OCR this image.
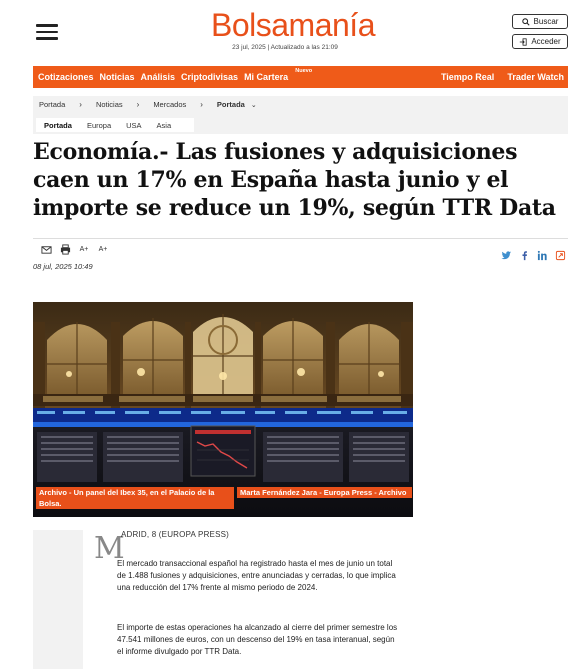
Bolsamanía
23 jul, 2025 | Actualizado a las 21:09
Buscar
Acceder
Cotizaciones Noticias Análisis Criptodivisas Mi Cartera
Nuevo
Tiempo Real Trader Watch
Portada › Noticias › Mercados › Portada ⌄
Portada Europa USA Asia
Economía.- Las fusiones y adquisiciones caen un 17% en España hasta junio y el importe se reduce un 19%, según TTR Data
A+ A+
08 jul, 2025 10:49
Archivo - Un panel del Ibex 35, en el Palacio de la Bolsa.
Marta Fernández Jara - Europa Press - Archivo
M
ADRID, 8 (EUROPA PRESS)

El mercado transaccional español ha registrado hasta el mes de junio un total de 1.488 fusiones y adquisiciones, entre anunciadas y cerradas, lo que implica una reducción del 17% frente al mismo periodo de 2024.

El importe de estas operaciones ha alcanzado al cierre del primer semestre los 47.541 millones de euros, con un descenso del 19% en tasa interanual, según el informe divulgado por TTR Data.
